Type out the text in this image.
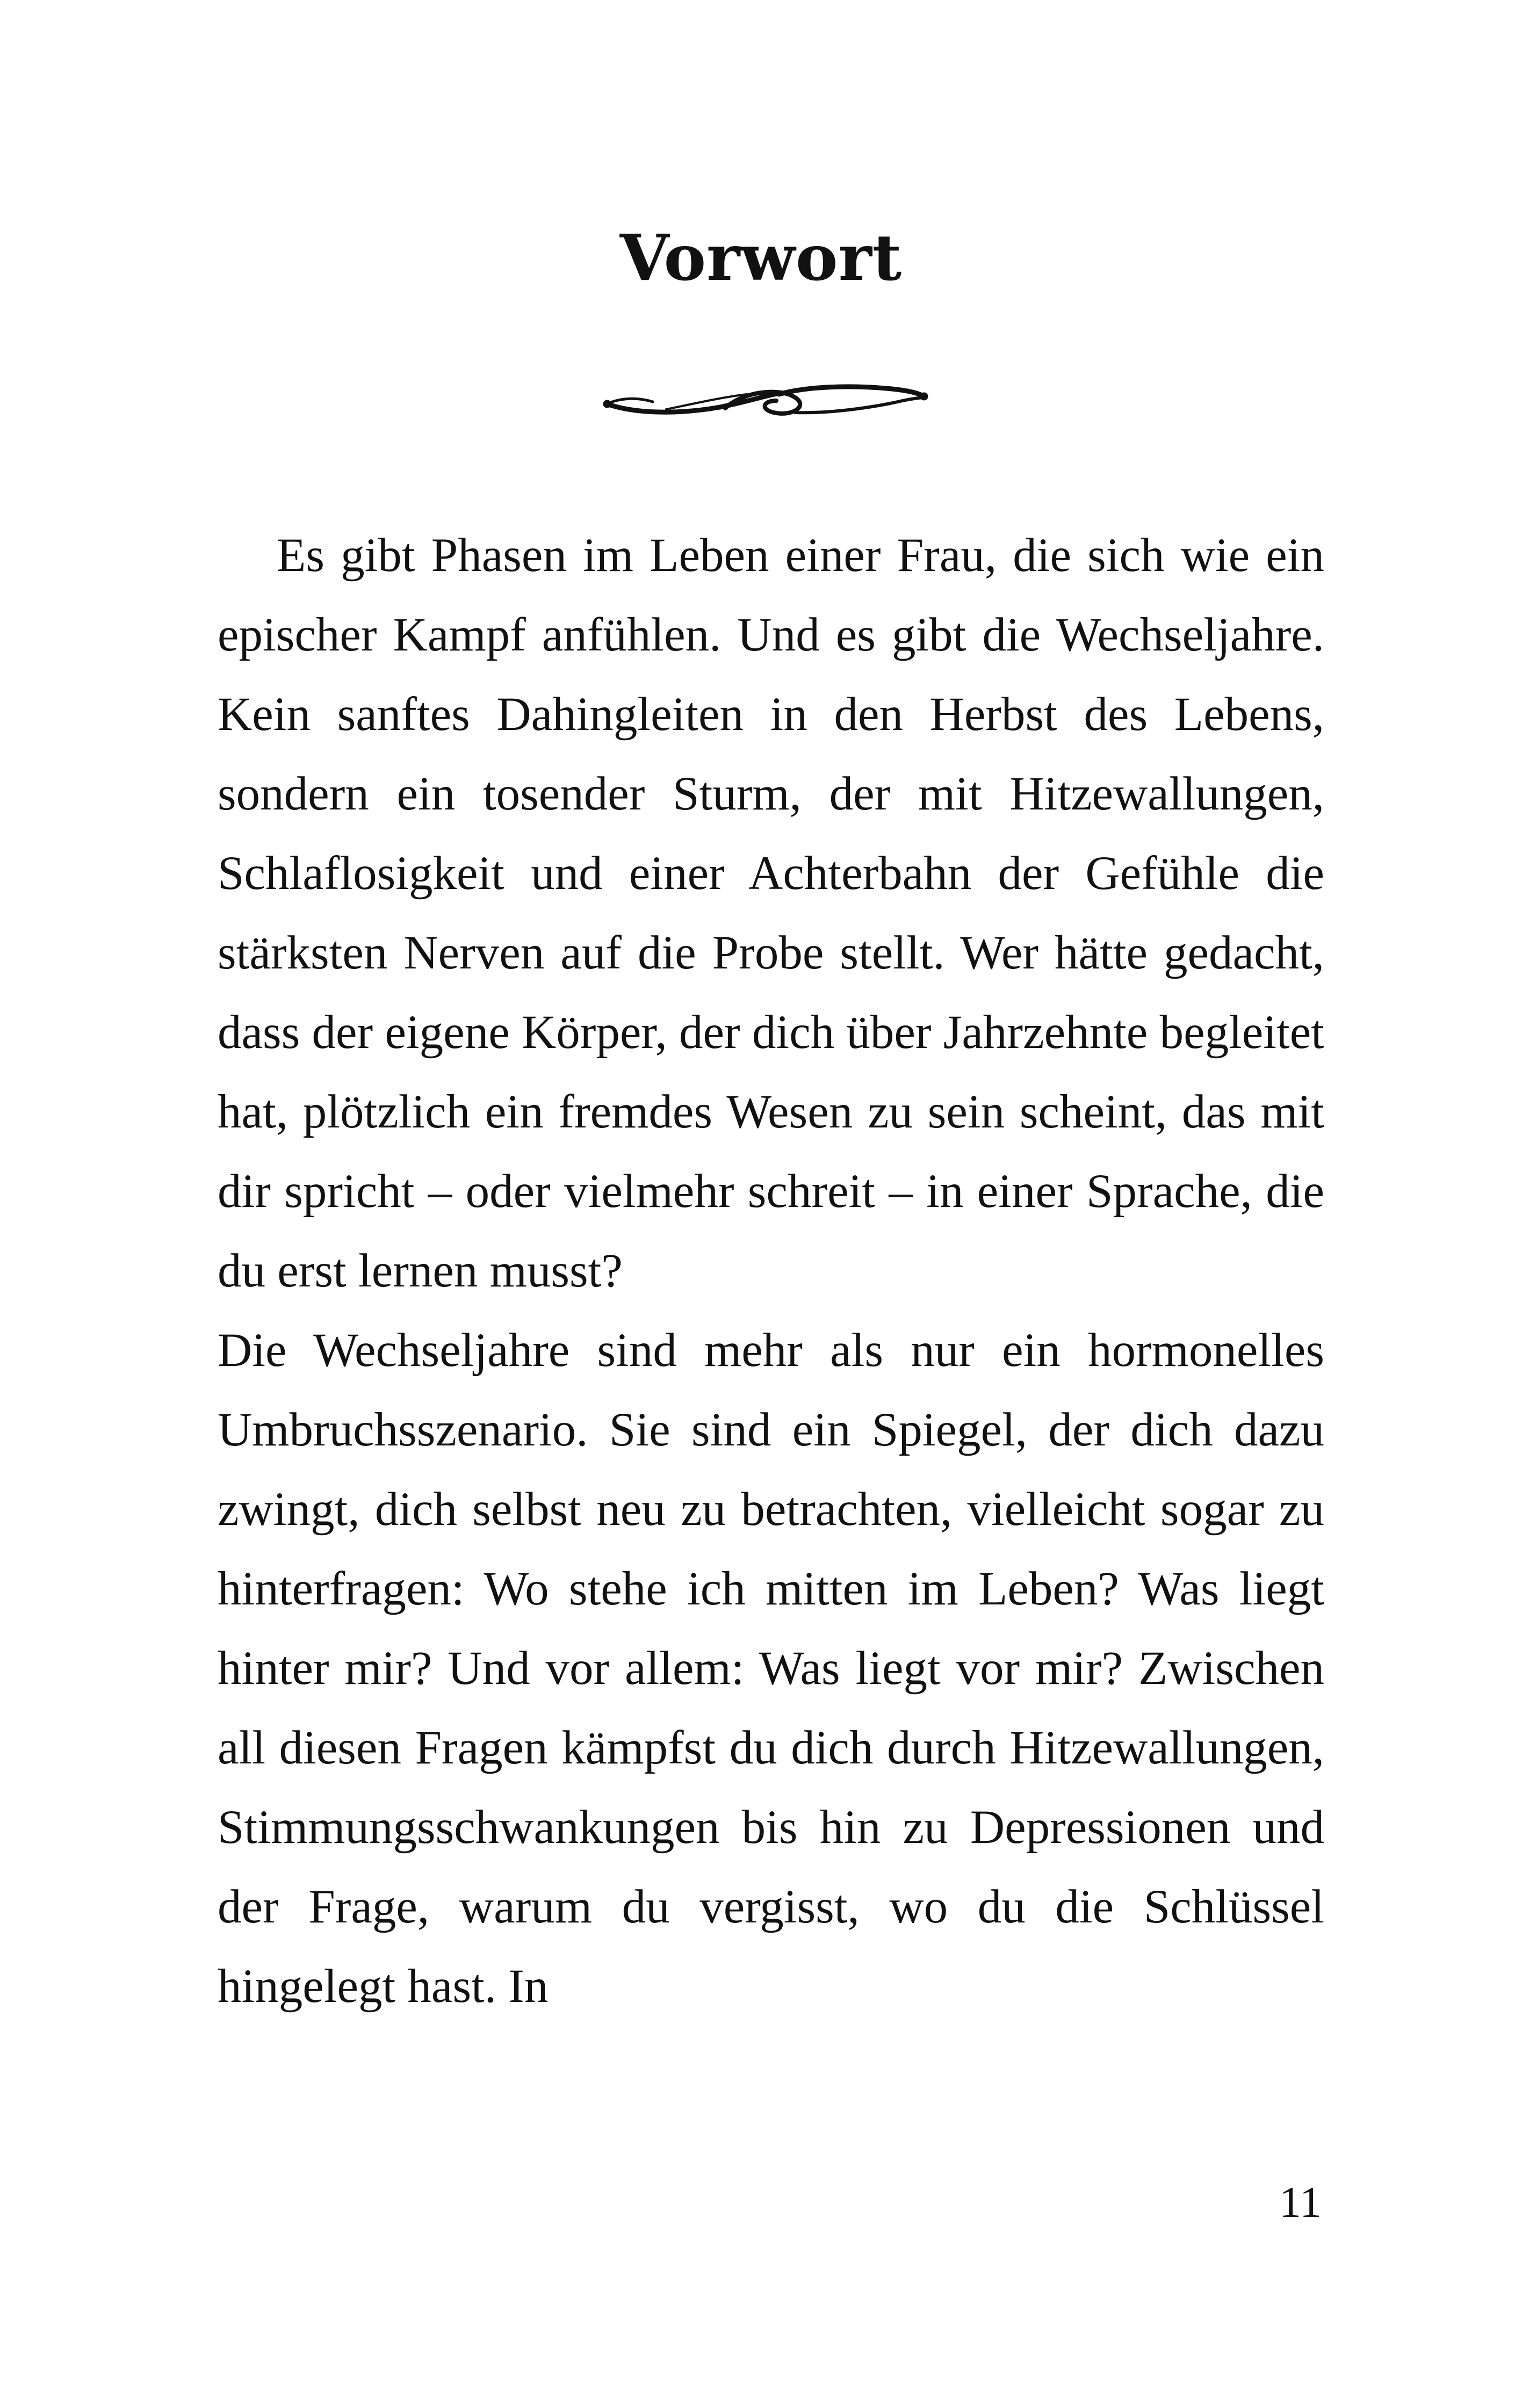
Vorwort

Es gibt Phasen im Leben einer Frau, die sich wie ein epischer Kampf anfühlen. Und es gibt die Wechseljahre. Kein sanftes Dahingleiten in den Herbst des Lebens, sondern ein tosender Sturm, der mit Hitzewallungen, Schlaflosigkeit und einer Achterbahn der Gefühle die stärksten Nerven auf die Probe stellt. Wer hätte gedacht, dass der eigene Körper, der dich über Jahrzehnte begleitet hat, plötzlich ein fremdes Wesen zu sein scheint, das mit dir spricht – oder vielmehr schreit – in einer Sprache, die du erst lernen musst?

Die Wechseljahre sind mehr als nur ein hormonelles Umbruchsszenario. Sie sind ein Spiegel, der dich dazu zwingt, dich selbst neu zu betrachten, vielleicht sogar zu hinterfragen: Wo stehe ich mitten im Leben? Was liegt hinter mir? Und vor allem: Was liegt vor mir? Zwischen all diesen Fragen kämpfst du dich durch Hitzewallungen, Stimmungsschwankungen bis hin zu Depressionen und der Frage, warum du vergisst, wo du die Schlüssel hingelegt hast. In

11
